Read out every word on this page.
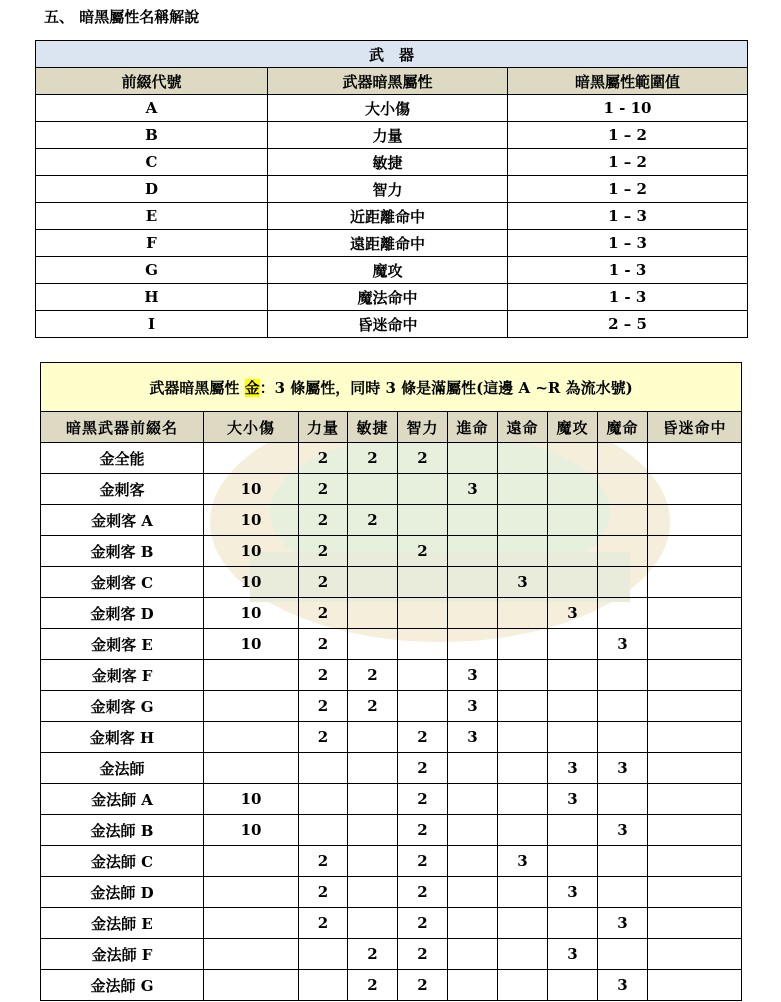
五、 暗黑屬性名稱解說
武　器		
前綴代號	武器暗黑屬性	暗黑屬性範圍值
A	大小傷	1 - 10
B	力量	1 – 2
C	敏捷	1 – 2
D	智力	1 – 2
E	近距離命中	1 – 3
F	遠距離命中	1 – 3
G	魔攻	1 - 3
H	魔法命中	1 - 3
I	昏迷命中	2 – 5
武器暗黑屬性 金：3 條屬性，同時 3 條是滿屬性(這邊 A ~R 為流水號)									
暗黑武器前綴名	大小傷	力量	敏捷	智力	進命	遠命	魔攻	魔命	昏迷命中
金全能		2	2	2					
金刺客	10	2			3				
金刺客 A	10	2	2						
金刺客 B	10	2		2					
金刺客 C	10	2				3			
金刺客 D	10	2					3		
金刺客 E	10	2						3	
金刺客 F		2	2		3				
金刺客 G		2	2		3				
金刺客 H		2		2	3				
金法師				2			3	3	
金法師 A	10			2			3		
金法師 B	10			2				3	
金法師 C		2		2		3			
金法師 D		2		2			3		
金法師 E		2		2				3	
金法師 F			2	2			3		
金法師 G			2	2				3	
